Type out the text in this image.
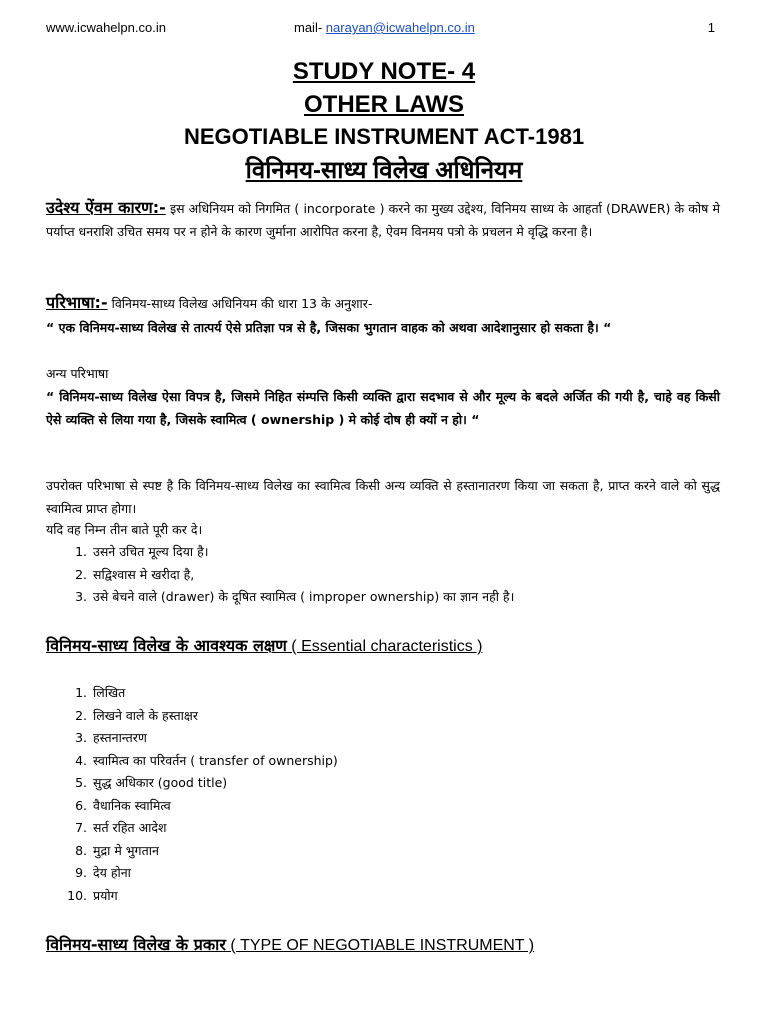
www.icwahelpn.co.in	mail- narayan@icwahelpn.co.in	1
STUDY NOTE- 4
OTHER LAWS
NEGOTIABLE INSTRUMENT ACT-1981
विनिमय-साध्य विलेख अधिनियम
उदेश्य ऐंवम कारण:- इस अधिनियम को निगमित ( incorporate ) करने का मुख्य उद्देश्य, विनिमय साध्य के आहर्ता (DRAWER) के कोष मे पर्याप्त धनराशि उचित समय पर न होने के कारण जुर्माना आरोपित करना है, ऐवम विनमय पत्रो के प्रचलन मे वृद्धि करना है।
परिभाषा:- विनिमय-साध्य विलेख अधिनियम की धारा 13 के अनुशार-
“ एक विनिमय-साध्य विलेख से तात्पर्य ऐसे प्रतिज्ञा पत्र से है, जिसका भुगतान वाहक को अथवा आदेशानुसार हो सकता है। “
अन्य परिभाषा
“ विनिमय-साध्य विलेख ऐसा विपत्र है, जिसमे निहित संम्पत्ति किसी व्यक्ति द्वारा सदभाव से और मूल्य के बदले अर्जित की गयी है, चाहे वह किसी ऐसे व्यक्ति से लिया गया है, जिसके स्वामित्व ( ownership ) मे कोई दोष ही क्यों न हो। “
उपरोक्त परिभाषा से स्पष्ट है कि विनिमय-साध्य विलेख का स्वामित्व किसी अन्य व्यक्ति से हस्तानातरण किया जा सकता है, प्राप्त करने वाले को सुद्ध स्वामित्व प्राप्त होगा।
यदि वह निम्न तीन बाते पूरी कर दे।
1. उसने उचित मूल्य दिया है।
2. सद्विश्वास मे खरीदा है,
3. उसे बेचने वाले (drawer) के दूषित स्वामित्व ( improper ownership) का ज्ञान नही है।
विनिमय-साध्य विलेख के आवश्यक लक्षण ( Essential characteristics )
1. लिखित
2. लिखने वाले के हस्ताक्षर
3. हस्तनान्तरण
4. स्वामित्व का परिवर्तन ( transfer of ownership)
5. सुद्ध अधिकार (good title)
6. वैधानिक स्वामित्व
7. सर्त रहित आदेश
8. मुद्रा मे भुगतान
9. देय होना
10. प्रयोग
विनिमय-साध्य विलेख के प्रकार ( TYPE OF NEGOTIABLE INSTRUMENT )
